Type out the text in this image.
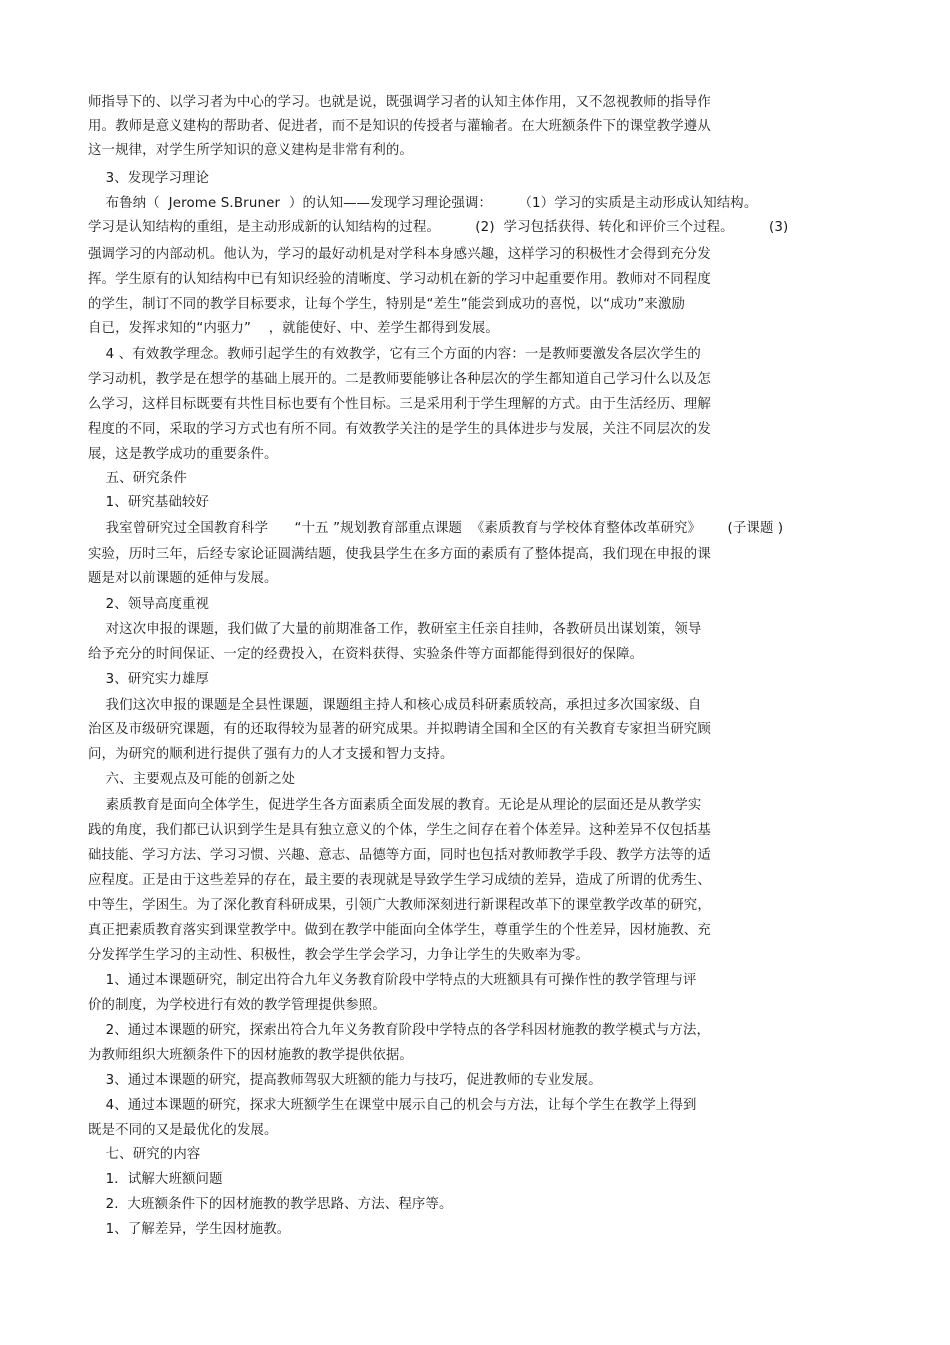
师指导下的、以学习者为中心的学习。也就是说，既强调学习者的认知主体作用，又不忽视教师的指导作
用。教师是意义建构的帮助者、促进者，而不是知识的传授者与灌输者。在大班额条件下的课堂教学遵从
这一规律，对学生所学知识的意义建构是非常有利的。
3、发现学习理论
布鲁纳（  Jerome S.Bruner  ）的认知——发现学习理论强调：      （1）学习的实质是主动形成认知结构。
学习是认知结构的重组，是主动形成新的认知结构的过程。        (2)  学习包括获得、转化和评价三个过程。        (3)
强调学习的内部动机。他认为，学习的最好动机是对学科本身感兴趣，这样学习的积极性才会得到充分发
挥。学生原有的认知结构中已有知识经验的清晰度、学习动机在新的学习中起重要作用。教师对不同程度
的学生，制订不同的教学目标要求，让每个学生，特别是“差生”能尝到成功的喜悦，以“成功”来激励
自已，发挥求知的“内驱力”    ，就能使好、中、差学生都得到发展。
4 、有效教学理念。教师引起学生的有效教学，它有三个方面的内容：一是教师要激发各层次学生的
学习动机，教学是在想学的基础上展开的。二是教师要能够让各种层次的学生都知道自己学习什么以及怎
么学习，这样目标既要有共性目标也要有个性目标。三是采用利于学生理解的方式。由于生活经历、理解
程度的不同，采取的学习方式也有所不同。有效教学关注的是学生的具体进步与发展，关注不同层次的发
展，这是教学成功的重要条件。
五、研究条件
1、研究基础较好
我室曾研究过全国教育科学      “十五 ”规划教育部重点课题  《素质教育与学校体育整体改革研究》      (子课题 )
实验，历时三年，后经专家论证圆满结题，使我县学生在多方面的素质有了整体提高，我们现在申报的课
题是对以前课题的延伸与发展。
2、领导高度重视
对这次申报的课题，我们做了大量的前期准备工作，教研室主任亲自挂帅，各教研员出谋划策，领导
给予充分的时间保证、一定的经费投入，在资料获得、实验条件等方面都能得到很好的保障。
3、研究实力雄厚
我们这次申报的课题是全县性课题，课题组主持人和核心成员科研素质较高，承担过多次国家级、自
治区及市级研究课题，有的还取得较为显著的研究成果。并拟聘请全国和全区的有关教育专家担当研究顾
问，为研究的顺利进行提供了强有力的人才支援和智力支持。
六、主要观点及可能的创新之处
素质教育是面向全体学生，促进学生各方面素质全面发展的教育。无论是从理论的层面还是从教学实
践的角度，我们都已认识到学生是具有独立意义的个体，学生之间存在着个体差异。这种差异不仅包括基
础技能、学习方法、学习习惯、兴趣、意志、品德等方面，同时也包括对教师教学手段、教学方法等的适
应程度。正是由于这些差异的存在，最主要的表现就是导致学生学习成绩的差异，造成了所谓的优秀生、
中等生，学困生。为了深化教育科研成果，引领广大教师深刻进行新课程改革下的课堂教学改革的研究，
真正把素质教育落实到课堂教学中。做到在教学中能面向全体学生，尊重学生的个性差异，因材施教、充
分发挥学生学习的主动性、积极性，教会学生学会学习，力争让学生的失败率为零。
1、通过本课题研究，制定出符合九年义务教育阶段中学特点的大班额具有可操作性的教学管理与评
价的制度，为学校进行有效的教学管理提供参照。
2、通过本课题的研究，探索出符合九年义务教育阶段中学特点的各学科因材施教的教学模式与方法，
为教师组织大班额条件下的因材施教的教学提供依据。
3、通过本课题的研究，提高教师驾驭大班额的能力与技巧，促进教师的专业发展。
4、通过本课题的研究，探求大班额学生在课堂中展示自己的机会与方法，让每个学生在教学上得到
既是不同的又是最优化的发展。
七、研究的内容
1．试解大班额问题
2.  大班额条件下的因材施教的教学思路、方法、程序等。
1、了解差异，学生因材施教。
